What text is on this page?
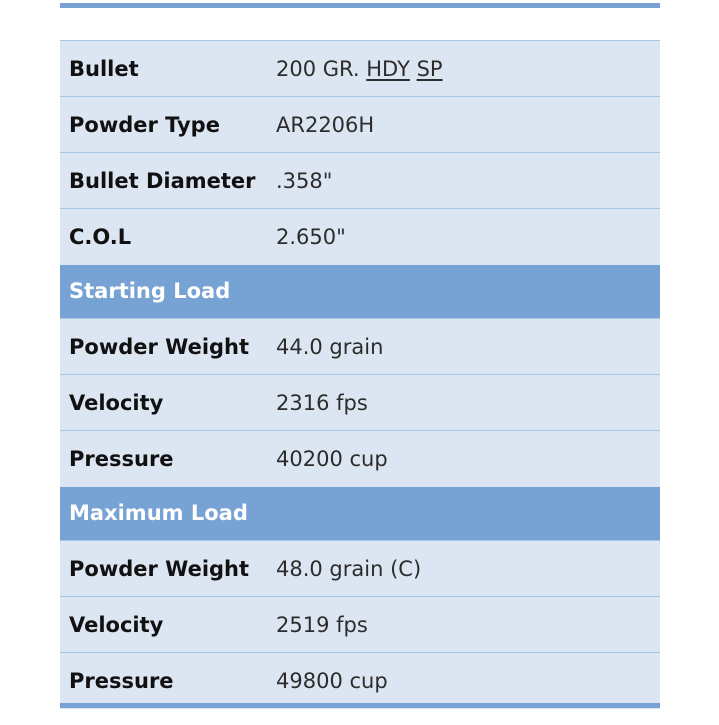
Bullet	200 GR. HDY SP
Powder Type	AR2206H
Bullet Diameter	.358"
C.O.L	2.650"
Starting Load	
Powder Weight	44.0 grain
Velocity	2316 fps
Pressure	40200 cup
Maximum Load	
Powder Weight	48.0 grain (C)
Velocity	2519 fps
Pressure	49800 cup
